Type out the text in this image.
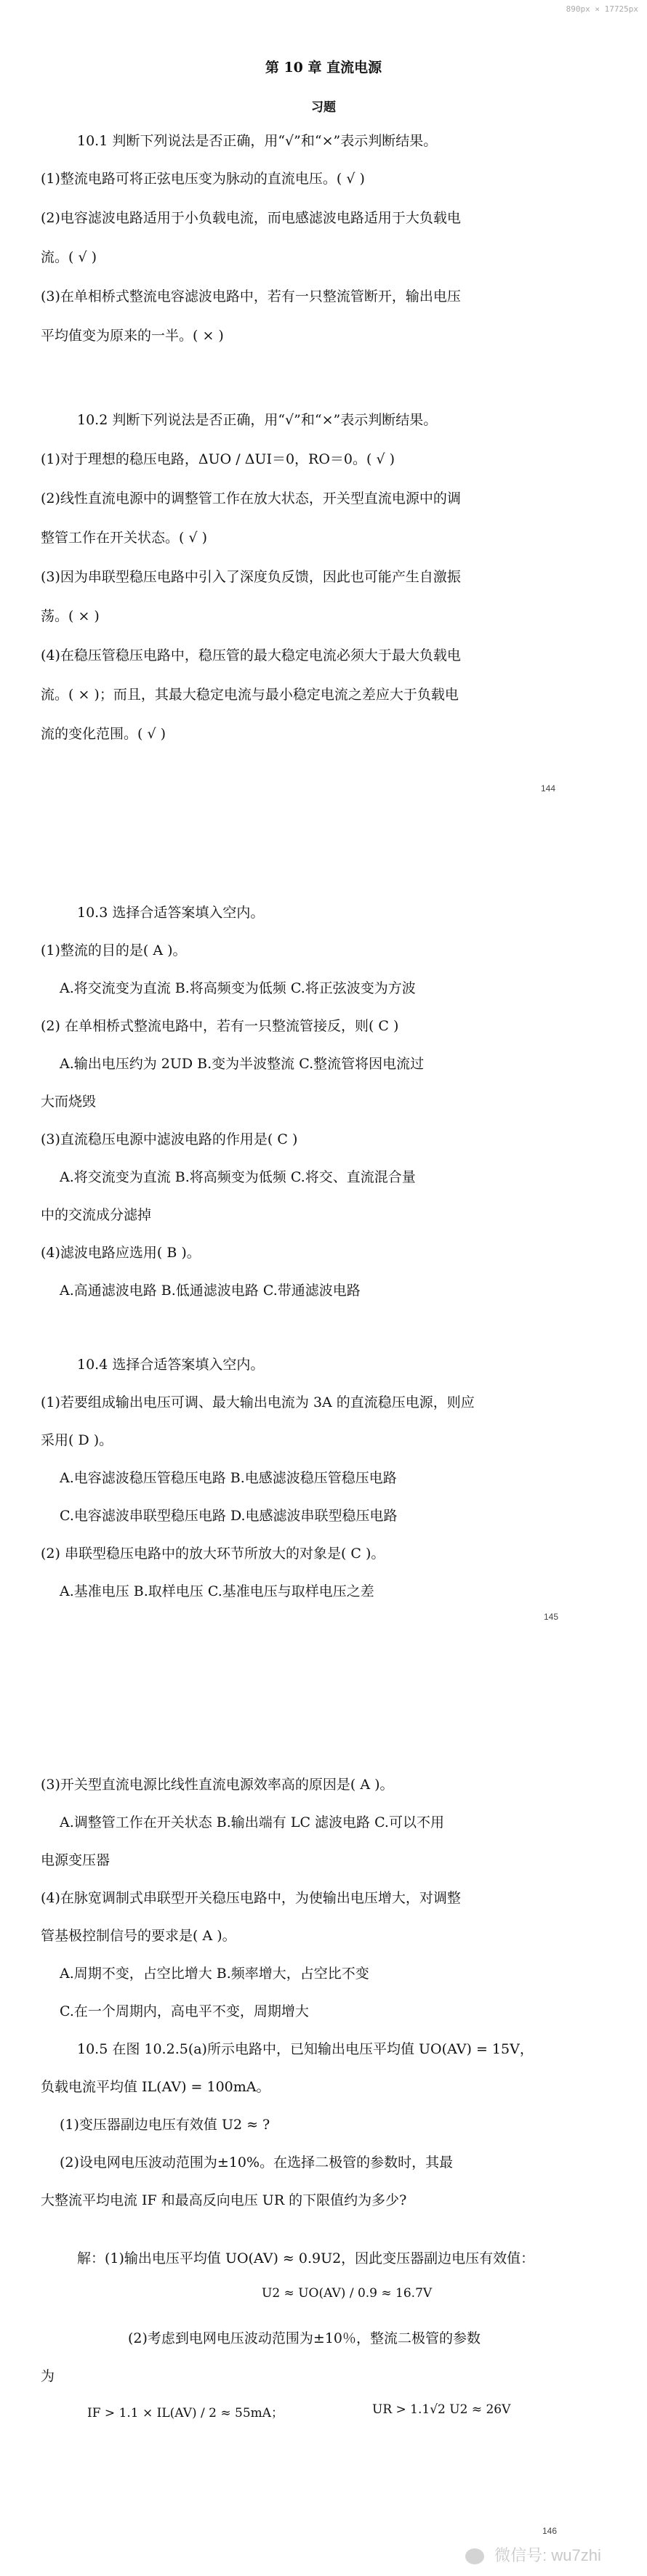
890px × 17725px

第 10 章 直流电源

习题

10.1 判断下列说法是否正确，用“√”和“×”表示判断结果。

(1)整流电路可将正弦电压变为脉动的直流电压。( √ )

(2)电容滤波电路适用于小负载电流，而电感滤波电路适用于大负载电

流。( √ )

(3)在单相桥式整流电容滤波电路中，若有一只整流管断开，输出电压

平均值变为原来的一半。( × )

10.2 判断下列说法是否正确，用“√”和“×”表示判断结果。

(1)对于理想的稳压电路，ΔUO / ΔUI＝0，RO＝0。( √ )

(2)线性直流电源中的调整管工作在放大状态，开关型直流电源中的调

整管工作在开关状态。( √ )

(3)因为串联型稳压电路中引入了深度负反馈，因此也可能产生自激振

荡。( × )

(4)在稳压管稳压电路中，稳压管的最大稳定电流必须大于最大负载电

流。( × )；而且，其最大稳定电流与最小稳定电流之差应大于负载电

流的变化范围。( √ )

144

10.3 选择合适答案填入空内。

(1)整流的目的是( A )。

A.将交流变为直流 B.将高频变为低频 C.将正弦波变为方波

(2) 在单相桥式整流电路中，若有一只整流管接反，则( C )

A.输出电压约为 2UD B.变为半波整流 C.整流管将因电流过

大而烧毁

(3)直流稳压电源中滤波电路的作用是( C )

A.将交流变为直流 B.将高频变为低频 C.将交、直流混合量

中的交流成分滤掉

(4)滤波电路应选用( B )。

A.高通滤波电路 B.低通滤波电路 C.带通滤波电路

10.4 选择合适答案填入空内。

(1)若要组成输出电压可调、最大输出电流为 3A 的直流稳压电源，则应

采用( D )。

A.电容滤波稳压管稳压电路 B.电感滤波稳压管稳压电路

C.电容滤波串联型稳压电路 D.电感滤波串联型稳压电路

(2) 串联型稳压电路中的放大环节所放大的对象是( C )。

A.基准电压 B.取样电压 C.基准电压与取样电压之差

145

(3)开关型直流电源比线性直流电源效率高的原因是( A )。

A.调整管工作在开关状态 B.输出端有 LC 滤波电路 C.可以不用

电源变压器

(4)在脉宽调制式串联型开关稳压电路中，为使输出电压增大，对调整

管基极控制信号的要求是( A )。

A.周期不变，占空比增大 B.频率增大，占空比不变

C.在一个周期内，高电平不变，周期增大

10.5 在图 10.2.5(a)所示电路中，已知输出电压平均值 UO(AV) = 15V，

负载电流平均值 IL(AV) = 100mA。

(1)变压器副边电压有效值 U2 ≈ ?

(2)设电网电压波动范围为±10%。在选择二极管的参数时，其最

大整流平均电流 IF 和最高反向电压 UR 的下限值约为多少?

解：(1)输出电压平均值 UO(AV) ≈ 0.9U2，因此变压器副边电压有效值：

U2 ≈ UO(AV) / 0.9 ≈ 16.7V

(2)考虑到电网电压波动范围为±10％，整流二极管的参数

为

IF > 1.1 × IL(AV) / 2 ≈ 55mA；	UR > 1.1√2 U2 ≈ 26V
146
微信号: wu7zhi
